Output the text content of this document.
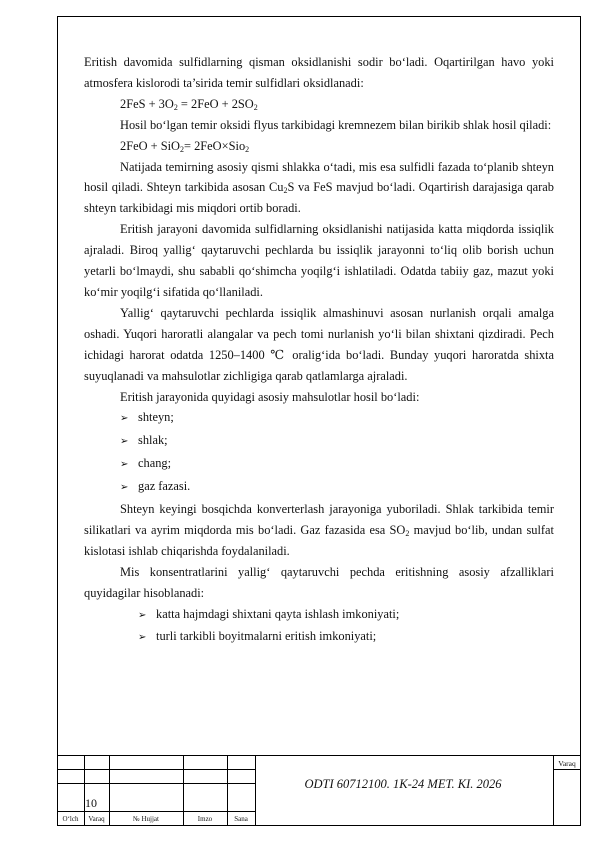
Eritish davomida sulfidlarning qisman oksidlanishi sodir bo‘ladi. Oqartirilgan havo yoki atmosfera kislorodi ta’sirida temir sulfidlari oksidlanadi:

$2FeS + 3O_2 = 2FeO + 2SO_2$

Hosil bo‘lgan temir oksidi flyus tarkibidagi kremnezem bilan birikib shlak hosil qiladi:

2FeO + SiO$_2$= 2FeO×Sio$_2$

Natijada temirning asosiy qismi shlakka o‘tadi, mis esa sulfidli fazada to‘planib shteyn hosil qiladi. Shteyn tarkibida asosan $Cu_2S$ va FeS mavjud bo‘ladi. Oqartirish darajasiga qarab shteyn tarkibidagi mis miqdori ortib boradi.

Eritish jarayoni davomida sulfidlarning oksidlanishi natijasida katta miqdorda issiqlik ajraladi. Biroq yallig‘ qaytaruvchi pechlarda bu issiqlik jarayonni to‘liq olib borish uchun yetarli bo‘lmaydi, shu sababli qo‘shimcha yoqilg‘i ishlatiladi. Odatda tabiiy gaz, mazut yoki ko‘mir yoqilg‘i sifatida qo‘llaniladi.

Yallig‘ qaytaruvchi pechlarda issiqlik almashinuvi asosan nurlanish orqali amalga oshadi. Yuqori haroratli alangalar va pech tomi nurlanish yo‘li bilan shixtani qizdiradi. Pech ichidagi harorat odatda 1250–1400 ℃ oralig‘ida bo‘ladi. Bunday yuqori haroratda shixta suyuqlanadi va mahsulotlar zichligiga qarab qatlamlarga ajraladi.

Eritish jarayonida quyidagi asosiy mahsulotlar hosil bo‘ladi:

➢ shteyn;

➢ shlak;

➢ chang;

➢ gaz fazasi.

Shteyn keyingi bosqichda konverterlash jarayoniga yuboriladi. Shlak tarkibida temir silikatlari va ayrim miqdorda mis bo‘ladi. Gaz fazasida esa $SO_2$ mavjud bo‘lib, undan sulfat kislotasi ishlab chiqarishda foydalaniladi.

Mis konsentratlarini yallig‘ qaytaruvchi pechda eritishning asosiy afzalliklari quyidagilar hisoblanadi:

➢ katta hajmdagi shixtani qayta ishlash imkoniyati;

➢ turli tarkibli boyitmalarni eritish imkoniyati;

O‘lch	Varaq	№ Hujjat	Imzo	Sana
10
ODTI 60712100. 1K-24 MET. KI. 2026
Varaq
